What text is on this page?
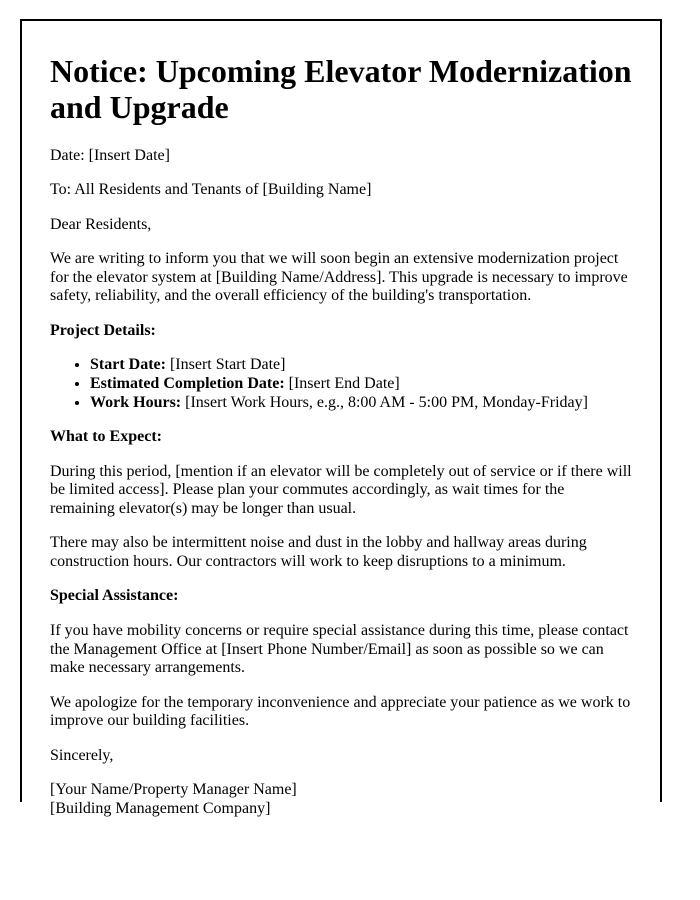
Notice: Upcoming Elevator Modernization and Upgrade

Date: [Insert Date]

To: All Residents and Tenants of [Building Name]

Dear Residents,

We are writing to inform you that we will soon begin an extensive modernization project for the elevator system at [Building Name/Address]. This upgrade is necessary to improve safety, reliability, and the overall efficiency of the building's transportation.

Project Details:

• Start Date: [Insert Start Date]
• Estimated Completion Date: [Insert End Date]
• Work Hours: [Insert Work Hours, e.g., 8:00 AM - 5:00 PM, Monday-Friday]

What to Expect:

During this period, [mention if an elevator will be completely out of service or if there will be limited access]. Please plan your commutes accordingly, as wait times for the remaining elevator(s) may be longer than usual.

There may also be intermittent noise and dust in the lobby and hallway areas during construction hours. Our contractors will work to keep disruptions to a minimum.

Special Assistance:

If you have mobility concerns or require special assistance during this time, please contact the Management Office at [Insert Phone Number/Email] as soon as possible so we can make necessary arrangements.

We apologize for the temporary inconvenience and appreciate your patience as we work to improve our building facilities.

Sincerely,

[Your Name/Property Manager Name]
[Building Management Company]
